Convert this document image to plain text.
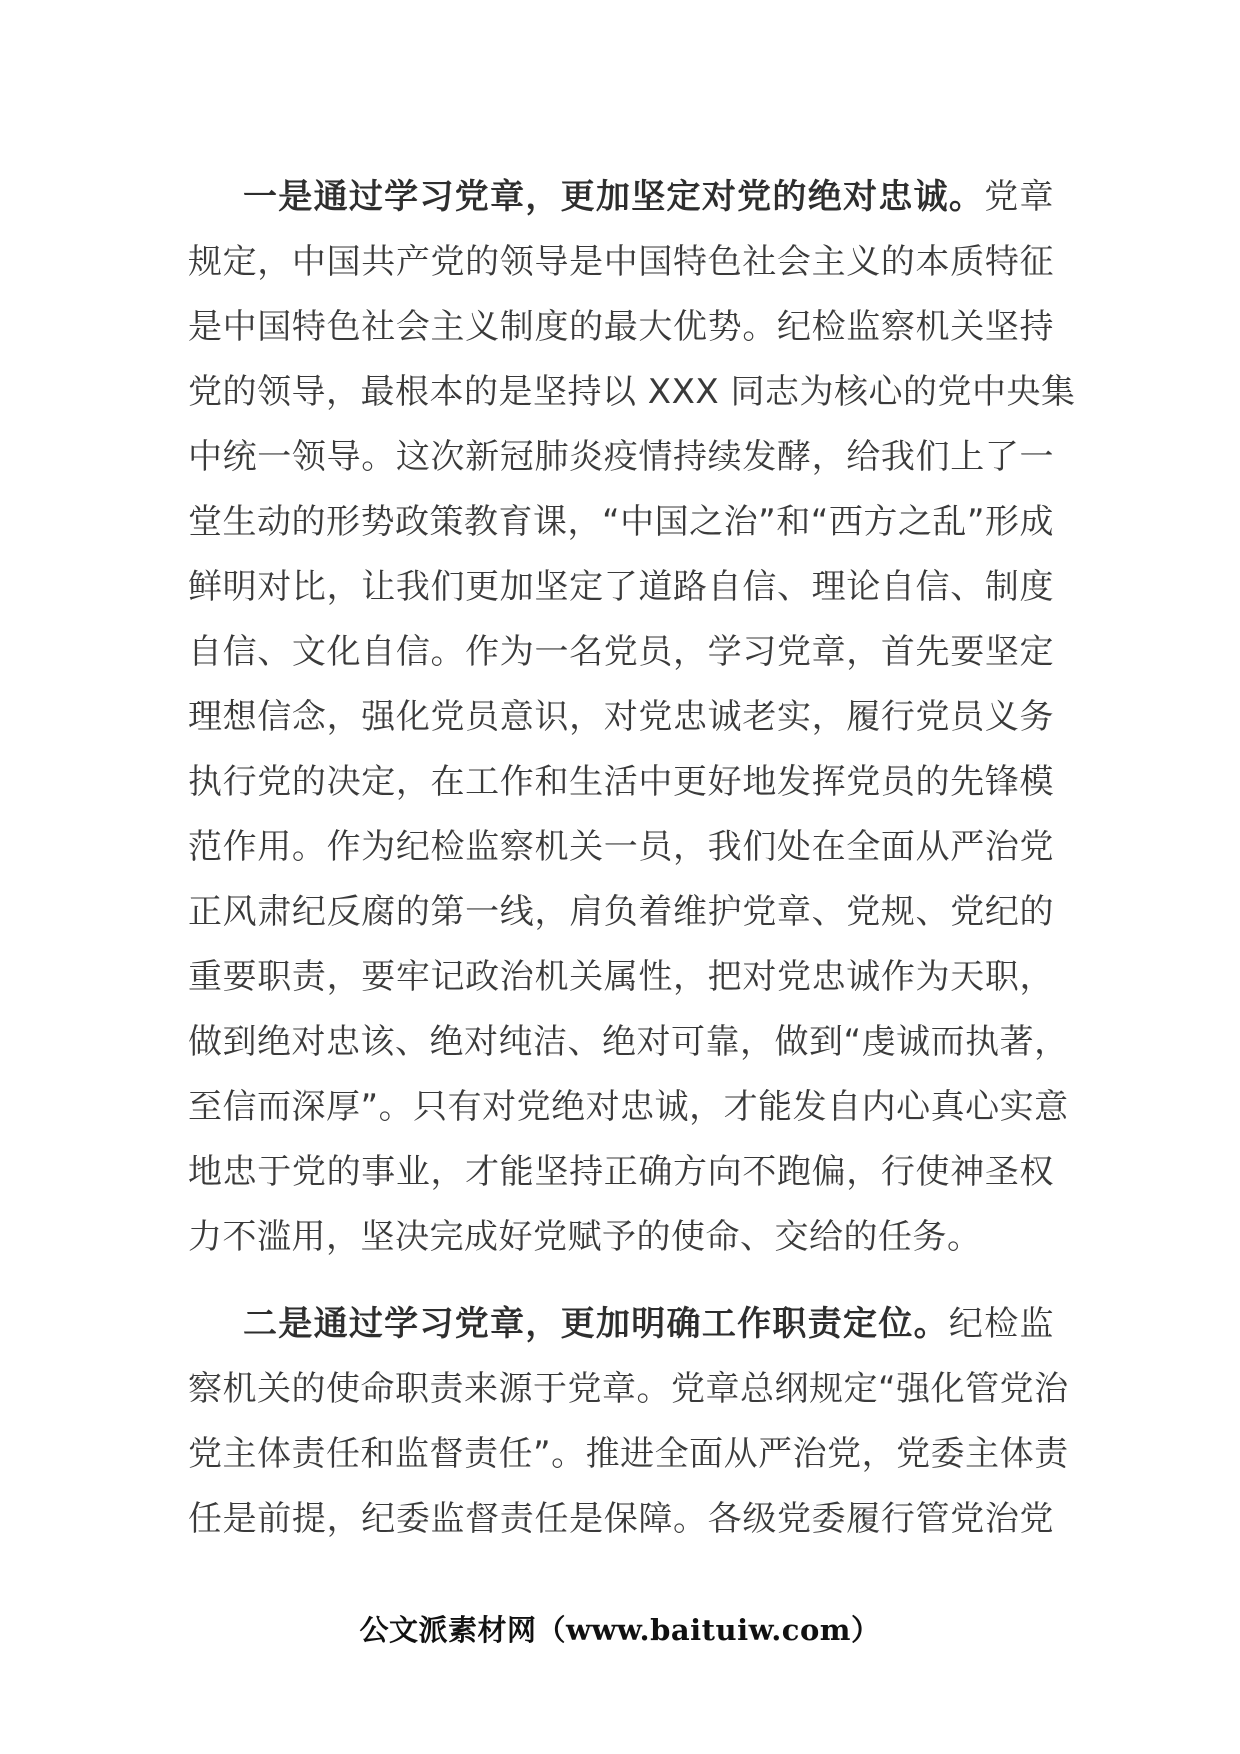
一是通过学习党章，更加坚定对党的绝对忠诚。党章
规定，中国共产党的领导是中国特色社会主义的本质特征
是中国特色社会主义制度的最大优势。纪检监察机关坚持
党的领导，最根本的是坚持以 XXX 同志为核心的党中央集
中统一领导。这次新冠肺炎疫情持续发酵，给我们上了一
堂生动的形势政策教育课，“中国之治”和“西方之乱”形成
鲜明对比，让我们更加坚定了道路自信、理论自信、制度
自信、文化自信。作为一名党员，学习党章，首先要坚定
理想信念，强化党员意识，对党忠诚老实，履行党员义务
执行党的决定，在工作和生活中更好地发挥党员的先锋模
范作用。作为纪检监察机关一员，我们处在全面从严治党
正风肃纪反腐的第一线，肩负着维护党章、党规、党纪的
重要职责，要牢记政治机关属性，把对党忠诚作为天职，
做到绝对忠该、绝对纯洁、绝对可靠，做到“虔诚而执著，
至信而深厚”。只有对党绝对忠诚，才能发自内心真心实意
地忠于党的事业，才能坚持正确方向不跑偏，行使神圣权
力不滥用，坚决完成好党赋予的使命、交给的任务。
二是通过学习党章，更加明确工作职责定位。纪检监
察机关的使命职责来源于党章。党章总纲规定“强化管党治
党主体责任和监督责任”。推进全面从严治党，党委主体责
任是前提，纪委监督责任是保障。各级党委履行管党治党
公文派素材网（www.baituiw.com）
